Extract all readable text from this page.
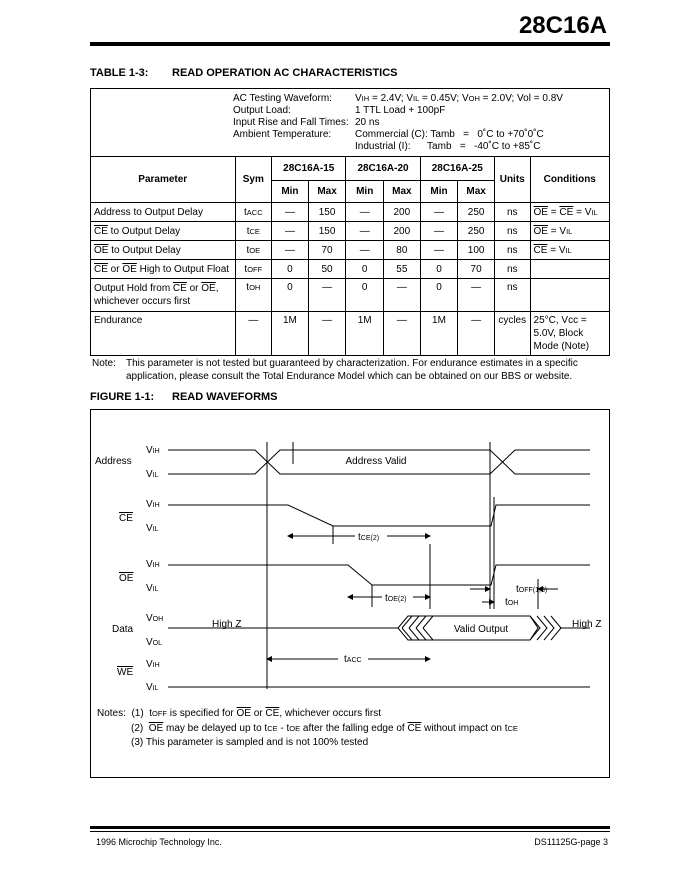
28C16A
TABLE 1-3: READ OPERATION AC CHARACTERISTICS
AC Testing Waveform: VIH = 2.4V; VIL = 0.45V; VOH = 2.0V; Vol = 0.8V
Output Load:	1 TTL Load + 100pF
Input Rise and Fall Times: 20 ns
Ambient Temperature: Commercial (C): Tamb   =   0˚C to +70˚0˚C
Industrial (I):      Tamb   =   -40˚C to +85˚C
Parameter	Sym	28C16A-15		28C16A-20		28C16A-25		Units	Conditions
		Min	Max	Min	Max	Min	Max		
Address to Output Delay	tACC	—	150	—	200	—	250	ns	$\overline{OE} = \overline{CE}$ = VIL
$\overline{CE}$ to Output Delay	tCE	—	150	—	200	—	250	ns	$\overline{OE}$ = VIL
$\overline{OE}$ to Output Delay	tOE	—	70	—	80	—	100	ns	$\overline{CE}$ = VIL
$\overline{CE}$ or $\overline{OE}$ High to Output Float	tOFF	0	50	0	55	0	70	ns	
Output Hold from $\overline{CE}$ or $\overline{OE}$, whichever occurs first	tOH	0	—	0	—	0	—	ns	
Endurance	—	1M	—	1M	—	1M	—	cycles	25°C, Vcc = 5.0V, Block Mode (Note)
Note: This parameter is not tested but guaranteed by characterization. For endurance estimates in a specific application, please consult the Total Endurance Model which can be obtained on our BBS or website.
FIGURE 1-1: READ WAVEFORMS
Address
CE
OE
Data
WE
VIH
VIL
VIH
VIL
VIH
VIL
VOH
VOL
VIH
VIL
Address Valid
High Z	High Z
Valid Output
tCE(2)
tOE(2)
tOFF(1,3)
tOH
tACC
Notes:  (1)  tOFF is specified for $\overline{OE}$ or $\overline{CE}$, whichever occurs first
(2)  $\overline{OE}$ may be delayed up to tCE - tOE after the falling edge of $\overline{CE}$ without impact on tCE
(3) This parameter is sampled and is not 100% tested
1996 Microchip Technology Inc.	DS11125G-page 3
